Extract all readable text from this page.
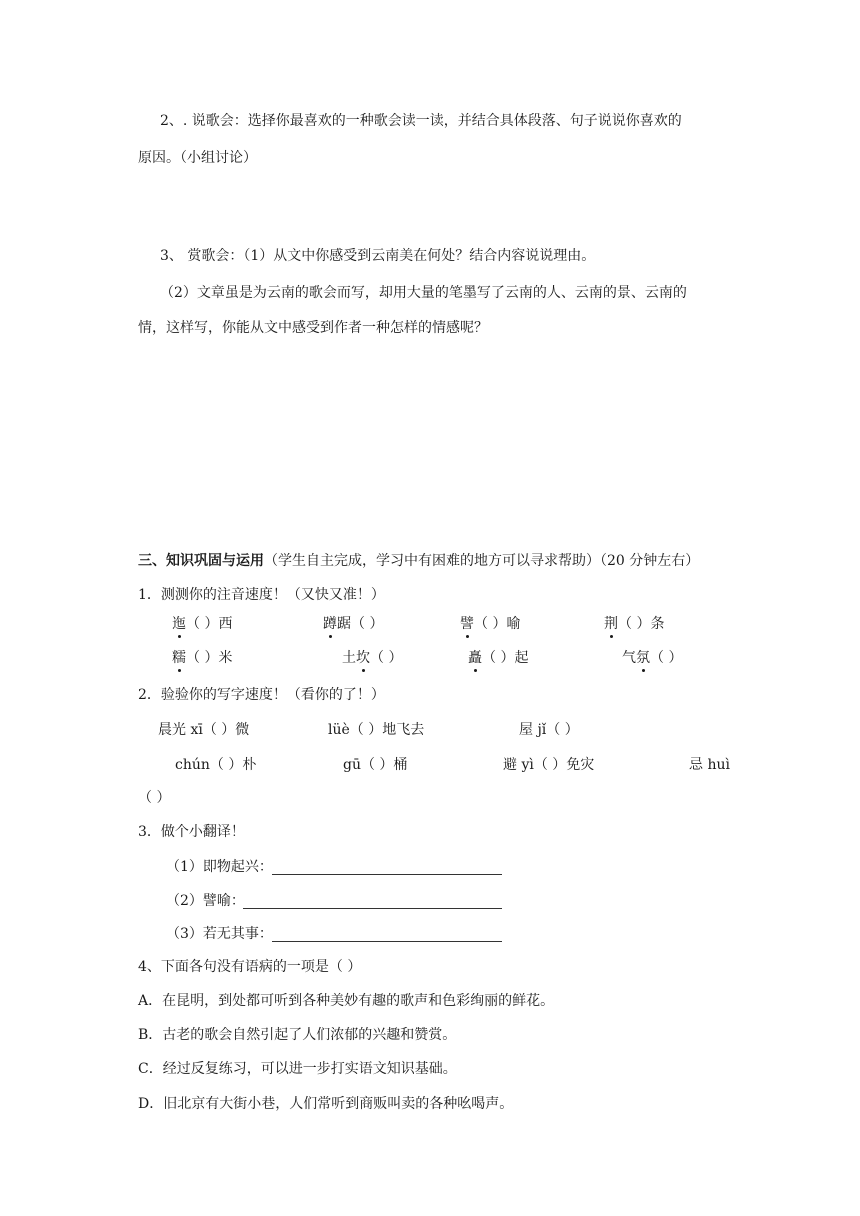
2、. 说歌会：选择你最喜欢的一种歌会读一读，并结合具体段落、句子说说你喜欢的
原因。（小组讨论）
3、 赏歌会：（1）从文中你感受到云南美在何处？结合内容说说理由。
（2）文章虽是为云南的歌会而写，却用大量的笔墨写了云南的人、云南的景、云南的
情，这样写，你能从文中感受到作者一种怎样的情感呢？
三、知识巩固与运用（学生自主完成，学习中有困难的地方可以寻求帮助）（20 分钟左右）
1．测测你的注音速度！（又快又准！）
迤（ ）西	蹲踞（ ）	譬（ ）喻	荆（ ）条
糯（ ）米	土坎（ ）	矗（ ）起	气氛（ ）
2．验验你的写字速度！（看你的了！）
晨光 xī（ ）微	lüè（ ）地飞去	屋 jǐ（ ）
chún（ ）朴	gū（ ）桶	避 yì（ ）免灾	忌 huì
（ ）
3．做个小翻译！
（1）即物起兴：
（2）譬喻：
（3）若无其事：
4、下面各句没有语病的一项是（ ）
A．在昆明，到处都可听到各种美妙有趣的歌声和色彩绚丽的鲜花。
B．古老的歌会自然引起了人们浓郁的兴趣和赞赏。
C．经过反复练习，可以进一步打实语文知识基础。
D．旧北京有大街小巷，人们常听到商贩叫卖的各种吆喝声。
